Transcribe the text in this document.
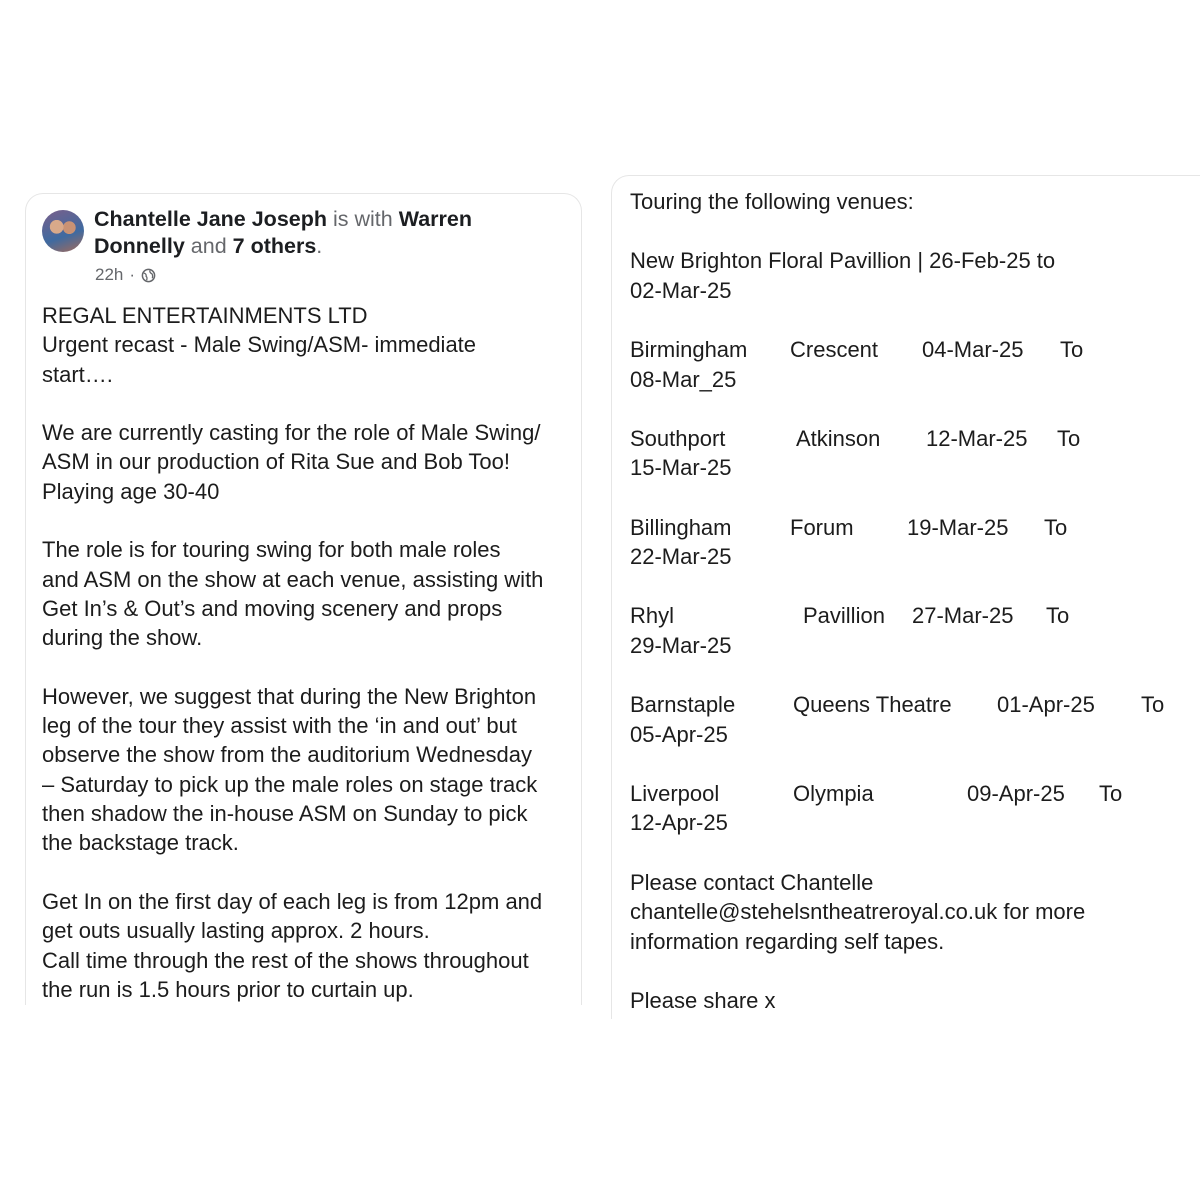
Chantelle Jane Joseph is with Warren
Donnelly and 7 others.
22h ·

REGAL ENTERTAINMENTS LTD

Urgent recast - Male Swing/ASM- immediate

start….

We are currently casting for the role of Male Swing/

ASM in our production of Rita Sue and Bob Too!

Playing age 30-40

The role is for touring swing for both male roles

and ASM on the show at each venue, assisting with

Get In’s & Out’s and moving scenery and props

during the show.

However, we suggest that during the New Brighton

leg of the tour they assist with the ‘in and out’ but

observe the show from the auditorium Wednesday

– Saturday to pick up the male roles on stage track

then shadow the in-house ASM on Sunday to pick

the backstage track.

Get In on the first day of each leg is from 12pm and

get outs usually lasting approx. 2 hours.

Call time through the rest of the shows throughout

the run is 1.5 hours prior to curtain up.

Touring the following venues:

New Brighton Floral Pavillion | 26-Feb-25 to

02-Mar-25

Birmingham	Crescent	04-Mar-25	To

08-Mar_25

Southport	Atkinson	12-Mar-25	To

15-Mar-25

Billingham	Forum	19-Mar-25	To

22-Mar-25

Rhyl	Pavillion	27-Mar-25	To

29-Mar-25

Barnstaple	Queens Theatre	01-Apr-25	To

05-Apr-25

Liverpool	Olympia	09-Apr-25	To

12-Apr-25

Please contact Chantelle

chantelle@stehelsntheatreroyal.co.uk for more

information regarding self tapes.

Please share x
